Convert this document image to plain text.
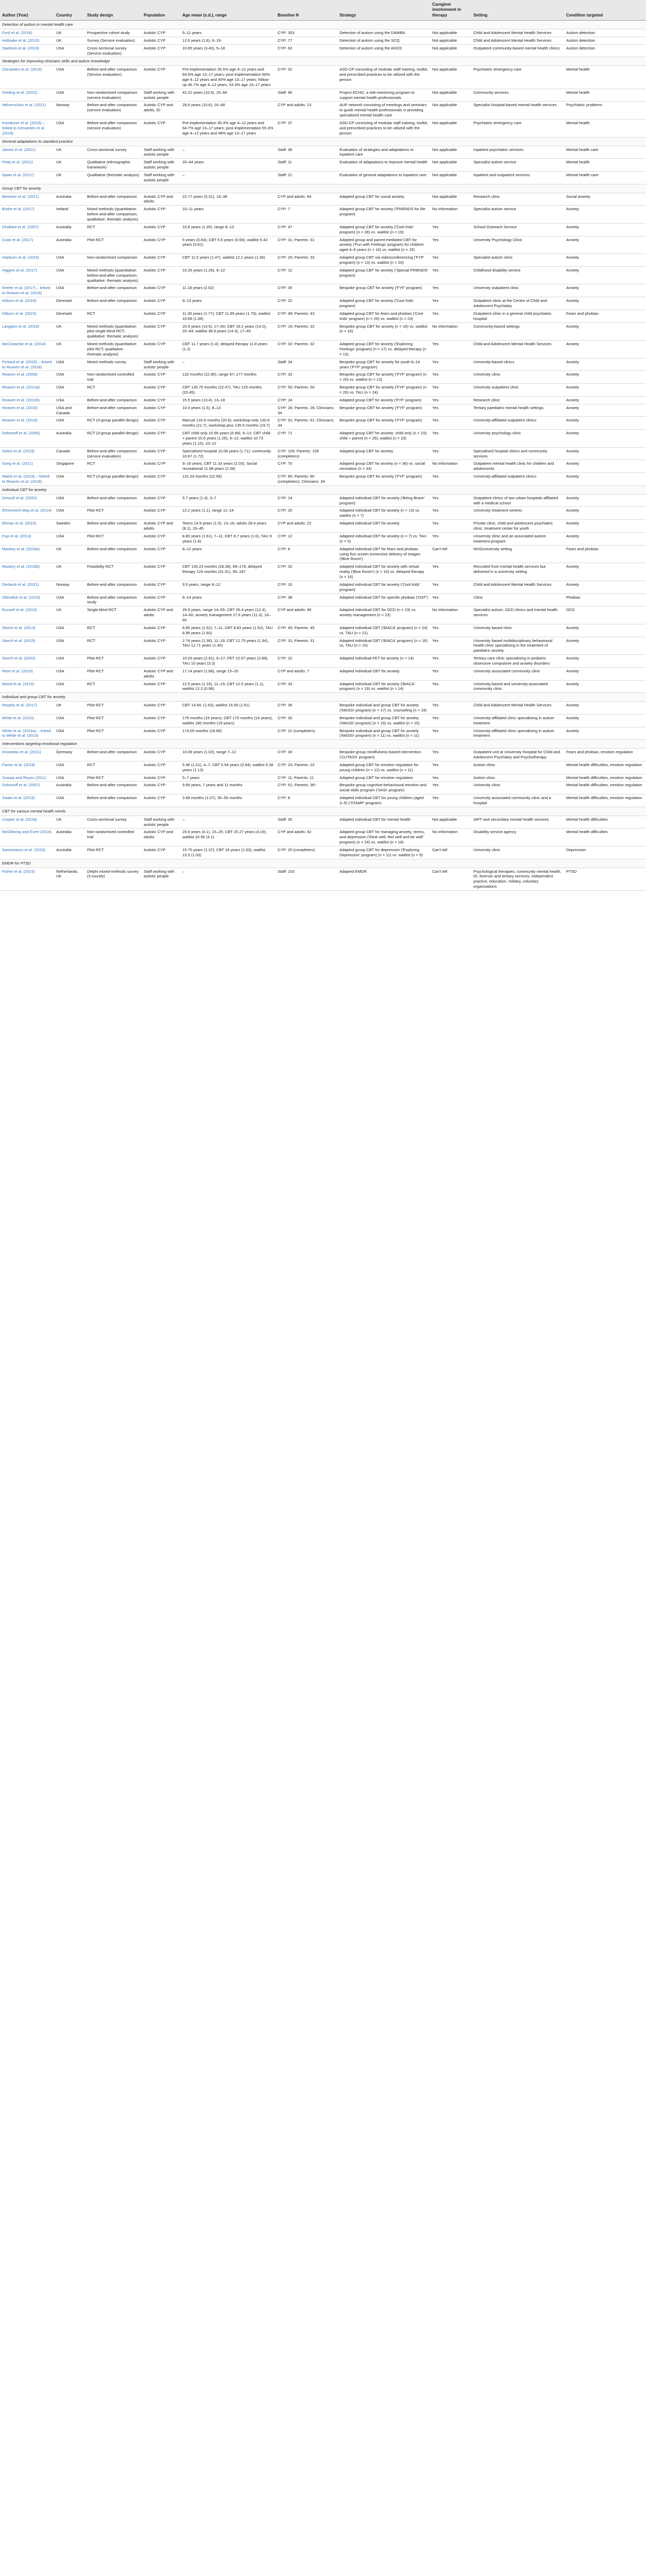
Author (Year)	Country	Study design	Population	Age mean (s.d.), range	Baseline N	Strategy	Caregiver involvement in therapy	Setting	Condition targeted
Detection of autism in mental health care									
Ford et al. (2018)	UK	Prospective cohort study	Autistic CYP	5–11 years	CYP: 353	Detection of autism using the DAWBA	Not applicable	Child and Adolescent Mental Health Services	Autism detection
Holloake et al. (2015)	UK	Survey (Service evaluation)	Autistic CYP	12.6 years (1.6), 6–19	CYP: 77	Detection of autism using the SCQ	Not applicable	Child and Adolescent Mental Health Services	Autism detection
Stadnick et al. (2019)	USA	Cross-sectional survey (Service evaluation)	Autistic CYP	10.65 years (3.40), 5–18	CYP: 62	Detection of autism using the ADOS	Not applicable	Outpatient community-based mental health clinics	Autism detection
Strategies for improving clinicians skills and autism knowledge									
Cervantes et al. (2019)	USA	Before-and-after comparison (Service evaluation)	Autistic CYP	Pre-implementation 35.5% age 4–12 years and 64.5% age 13–17 years; post-implementation 60% age 4–12 years and 40% age 13–17 years; follow-up 46.7% age 4–12 years, 53.3% age 13–17 years	CYP: 52	ASD-CP consisting of modular staff training, toolkit, and prescribed practices to be utilized with the person	Not applicable	Psychiatric emergency care	Mental health
Dreiling et al. (2022)	USA	Non-randomised comparison (service evaluation)	Staff working with autistic people	42.22 years (10.6), 25–66	Staff: 96	Project ECHO, a tele-mentoring program to support mental health professionals	Not applicable	Community services	Mental health
Helverschou et al. (2021)	Norway	Before-and-after comparison (service evaluation)	Autistic CYP and adults, ID	28.6 years (10.6), 16–68	CYP and adults: 13	AUP network consisting of meetings and seminars to guide mental health professionals in providing specialized mental health care	Not applicable	Specialist hospital-based mental health services	Psychiatric problems
Kuriakose et al. (2018) – linked to Cervantes et al. (2019)	USA	Before-and-after comparison (service evaluation)	Autistic CYP	Pre-implementation 35.3% age 4–12 years and 64.7% age 13–17 years; post-implementation 55.3% age 4–12 years and 48% age 13–17 years	CYP: 37	ASD-CP consisting of modular staff training, toolkit, and prescribed practices to be utilized with the person	Not applicable	Psychiatric emergency care	Mental health
General adaptations to standard practice									
James et al. (2021)	UK	Cross-sectional survey	Staff working with autistic people	–	Staff: 38	Evaluation of strategies and adaptations to inpatient care	Not applicable	Inpatient psychiatric services	Mental health care
Petty et al. (2021)	UK	Qualitative (ethnographic framework)	Staff working with autistic people	20–44 years	Staff: 11	Evaluation of adaptations to improve mental health	Not applicable	Specialist autism service	Mental health
Spain et al. (2017)	UK	Qualitative (thematic analysis)	Staff working with autistic people	–	Staff: 21	Evaluation of general adaptations to inpatient care	Not applicable	Inpatient and outpatient services	Mental health care
Group CBT for anxiety									
Bemmer et al. (2021)	Australia	Before-and-after comparison	Autistic CYP and adults	22.77 years (5.31), 16–38	CYP and adults: 84	Adapted group CBT for social anxiety	Not applicable	Research clinic	Social anxiety
Burke et al. (2017)	Ireland	Mixed methods (quantitative: before-and-after comparison; qualitative: thematic analysis)	Autistic CYP	10–11 years	CYP: 7	Adapted group CBT for anxiety ('FRIENDS for life' program)	No information	Specialist autism service	Anxiety
Chalfant et al. (2007)	Australia	RCT	Autistic CYP	10.8 years (1.35), range 8–13	CYP: 47	Adapted group CBT for anxiety ('Cool Kids' program) (n = 28) vs. waitlist (n = 19)	Yes	School Outreach Service	Anxiety
Cook et al. (2017)	Australia	Pilot RCT	Autistic CYP	5 years (0.63); CBT 5.5 years (0.66), waitlist 5.42 years (0.61)	CYP: 31; Parents: 31	Adapted group and parent-mediated CBT for anxiety ('Fun with Feelings' program) for children aged 4–6 years (n = 16) vs. waitlist (n = 15)	Yes	University Psychology Clinic	Anxiety
Hepburn et al. (2016)	USA	Non-randomised comparison	Autistic CYP	CBT 11.5 years (1.47), waitlist 12.1 years (1.36)	CYP: 20; Parents: 33	Adapted group CBT via videoconferencing ('FYF' program) (n = 13) vs. waitlist (n = 20)	Yes	Specialist autism clinic	Anxiety
Higgins et al. (2017)	USA	Mixed methods (quantitative: before-and-after comparison; qualitative: thematic analysis)	Autistic CYP	10.25 years (1.26), 9–12	CYP: 12	Adapted group CBT for anxiety ('Special FRIENDS' program)	Yes	Childhood disability service	Anxiety
Keefer et al. (2017) – linked to Reaven et al. (2018)	USA	Before-and-after comparison	Autistic CYP	11.18 years (2.02)	CYP: 35	Bespoke group CBT for anxiety ('FYF' program)	Yes	University outpatient clinic	Anxiety
Kilburn et al. (2018)	Denmark	Before-and-after comparison	Autistic CYP	9–13 years	CYP: 22	Adapted group CBT for anxiety ('Cool Kids' program)	Yes	Outpatient clinic at the Centre of Child and Adolescent Psychiatry	Anxiety
Kilburn et al. (2023)	Denmark	RCT	Autistic CYP	11.36 years (1.77); CBT 11.99 years (1.79), waitlist 10.68 (1.66)	CYP: 49; Parents: 43	Adapted group CBT for fears and phobias ('Cool Kids' program) (n = 26) vs. waitlist (n = 23)	Yes	Outpatient clinic in a general child psychiatric hospital	Fears and phobias
Langdon et al. (2016)	UK	Mixed methods (quantitative: pilot single-blind RCT; qualitative: thematic analysis)	Autistic CYP	20.9 years (14.5), 17–60; CBT 33.2 years (14.0), 20–64; waitlist 36.9 years (14.3), 17–65	CYP: 19; Parents: 32	Bespoke group CBT for anxiety (n = 16) vs. waitlist (n = 16)	No information	Community-based settings	Anxiety
McConachie et al. (2014)	UK	Mixed methods (quantitative: pilot RCT; qualitative: thematic analysis)	Autistic CYP	CBT 11.7 years (1.4), delayed therapy 11.8 years (1.2)	CYP: 32; Parents: 32	Adapted group CBT for anxiety ('Exploring Feelings' program) (n = 17) vs. delayed therapy (n = 15)	Yes	Child and Adolescent Mental Health Services	Anxiety
Pickard et al. (2020) – linked to Reaven et al. (2018)	USA	Mixed methods survey	Staff working with autistic people	–	Staff: 34	Bespoke group CBT for anxiety for youth 8–14 years ('FYF' program)	Yes	University-based clinics	Anxiety
Reaven et al. (2009)	USA	Non-randomised controlled trial	Autistic CYP	132 months (22.90), range 97–177 months	CYP: 33	Bespoke group CBT for anxiety ('FYF' program) (n = 20) vs. waitlist (n = 13)	Yes	University clinic	Anxiety
Reaven et al. (2012a)	USA	RCT	Autistic CYP	CBT 135.75 months (22.47), TAU 125 months (20.45)	CYP: 50; Parents: 50	Bespoke group CBT for anxiety ('FYF' program) (n = 26) vs. TAU (n = 24)	Yes	University outpatient clinic	Anxiety
Reaven et al. (2012b)	USA	Before-and-after comparison	Autistic CYP	15.5 years (13.4), 13–18	CYP: 24	Adapted group CBT for anxiety ('FYF' program)	Yes	Research clinic	Anxiety
Reaven et al. (2015)	USA and Canada	Before-and-after comparison	Autistic CYP	10.4 years (1.5), 8–13	CYP: 26; Parents: 26; Clinicians: 34	Bespoke group CBT for anxiety ('FYF' program)	Yes	Tertiary paediatric mental health settings	Anxiety
Reaven et al. (2018)	USA	RCT (3-group parallel design)	Autistic CYP	Manual 132.6 months (20.6), workshop-only 130.6 months (21.7), workshop plus 135.5 months (19.7)	CYP: 91; Parents: 91; Clinicians: 34	Bespoke group CBT for anxiety ('FYF' program)	Yes	University-affiliated outpatient clinics	Anxiety
Sofronoff et al. (2005)	Australia	RCT (3-group parallel design)	Autistic CYP	CBT child only 10.56 years (0.99), 9–12; CBT child + parent 10.6 years (1.26), 9–12; waitlist 10.73 years (1.10), 10–12	CYP: 71	Adapted group CBT for anxiety: child only (n = 23); child + parent (n = 25); waitlist (n = 23)	Yes	University psychology clinic	Anxiety
Soltcii et al. (2019)	Canada	Before-and-after comparison (service evaluation)	Autistic CYP	Specialised hospital 10.08 years (1.71); community 10.67 (1.72)	CYP: 105; Parents: 105 (completers)	Adapted group CBT for anxiety	Yes	Specialised hospital clinics and community services	Anxiety
Sung et al. (2011)	Singapore	RCT	Autistic CYP	9–16 years; CBT 11.33 years (2.03), Social recreational 11.98 years (2.38)	CYP: 70	Adapted group CBT for anxiety (n = 36) vs. social recreation (n = 34)	No information	Outpatient mental health clinic for children and adolescents	Anxiety
Walsh et al. (2018) – linked to Reaven et al. (2018)	USA	RCT (3-group parallel design)	Autistic CYP	131.03 months (22.59)	CYP: 80; Parents: 80 (completers); Clinicians: 34	Bespoke group CBT for anxiety ('FYF' program)	Yes	University-affiliated outpatient clinics	Anxiety
Individual CBT for anxiety									
Driscoll et al. (2020)	USA	Before-and-after comparison	Autistic CYP	5.7 years (1.4), 3–7	CYP: 14	Adapted individual CBT for anxiety ('Being Brave' program)	Yes	Outpatient clinics of two urban hospitals affiliated with a medical school	Anxiety
Ehrenreich-May et al. (2014)	USA	Pilot RCT	Autistic CYP	12.2 years (1.1), range 11–14	CYP: 20	Adapted individual CBT for anxiety (n = 13) vs. waitlist (n = 7)	Yes	University treatment centres	Anxiety
Ekman et al. (2015)	Sweden	Before-and-after comparison	Autistic CYP and adults	Teens 14.9 years (1.5), 13–16; adults 28.4 years (8.1), 19–45	CYP and adults: 22	Adapted individual CBT for anxiety	Yes	Private clinic, child and adolescent psychiatric clinic, treatment center for youth	Anxiety
Fujii et al. (2013)	USA	Pilot RCT	Autistic CYP	8.80 years (1.61), 7–11; CBT 8.7 years (1.6), TAU 9 years (1.8)	CYP: 12	Adapted individual CBT for anxiety (n = 7) vs. TAU (n = 5)	Yes	University clinic and an associated autism treatment program	Anxiety
Maskey et al. (2019a)	UK	Before-and-after comparison	Autistic CYP	8–12 years	CYP: 8	Adapted individual CBT for fears and phobias using five screen immersive delivery of images ('Blue Room')	Can't tell	NHS/university setting	Fears and phobias
Maskey et al. (2019b)	UK	Feasibility RCT	Autistic CYP	CBT 130.23 months (28.38), 89–176; delayed therapy 129 months (31.51), 90–187	CYP: 32	Adapted individual CBT for anxiety with virtual reality ('Blue Room') (n = 16) vs. delayed therapy (n = 16)	Yes	Recruited from mental health services but delivered in a university setting	Anxiety
Oerbeck et al. (2021)	Norway	Before-and-after comparison	Autistic CYP	9.5 years, range 8–12	CYP: 10	Adapted individual CBT for anxiety ('Cool Kids' program)	Yes	Child and Adolescent Mental Health Services	Anxiety
Ollendick et al. (2015)	USA	Before-and-after comparison study	Autistic CYP	6–14 years	CYP: 38	Adapted individual CBT for specific phobias ('OST')	Yes	Clinic	Phobias
Russell et al. (2013)	UK	Single-blind RCT	Autistic CYP and adults	26.9 years, range 14–65; CBT 26.4 years (12.4), 14–60, anxiety management 27.6 years (11.3), 16–65	CYP and adults: 46	Adapted individual CBT for OCD (n = 23) vs. anxiety management (n = 23)	No information	Specialist autism, OCD clinics and mental health services	OCD
Storch et al. (2013)	USA	RCT	Autistic CYP	8.85 years (1.52), 7–11; CBT 8.83 years (1.52), TAU 8.95 years (1.60)	CYP: 45; Parents: 45	Adapted individual CBT ('BIACA' program) (n = 24) vs. TAU (n = 21)	Yes	University based clinic	Anxiety
Storch et al. (2015)	USA	RCT	Autistic CYP	2.74 years (1.36), 11–16; CBT 12.75 years (1.34), TAU 12.71 years (1.40)	CYP: 31; Parents: 31	Adapted individual CBT ('BIACA' program) (n = 16) vs. TAU (n = 15)	Yes	University based multidisciplinary behavioural health clinic specialising in the treatment of paediatric anxiety	Anxiety
Storch et al. (2020)	USA	Pilot RCT	Autistic CYP	10.03 years (2.91), 6–17; FET 10.07 years (2.89), TAU 10 years (3.3)	CYP: 22	Adapted individual FET for anxiety (n = 14)	Yes	Tertiary care clinic specialising in pediatric obsessive compulsive and anxiety disorders	Anxiety
Wise et al. (2019)	USA	Pilot RCT	Autistic CYP and adults	17.14 years (1.68), range 15–20	CYP and adults: 7	Adapted individual CBT for anxiety	Yes	University associated community clinic	Anxiety
Wood et al. (2015)	USA	RCT	Autistic CYP	12.5 years (1.16), 11–15; CBT 12.5 years (1.1), waitlist 12.2 (0.98)	CYP: 33	Adapted individual CBT for anxiety ('BIACA' program) (n = 19) vs. waitlist (n = 14)	Yes	University-based and university-associated community clinic	Anxiety
Individual and group CBT for anxiety									
Murphy et al. (2017)	UK	Pilot RCT	Autistic CYP	CBT 14.94, (1.63), waitlist 15.56 (1.51)	CYP: 36	Bespoke individual and group CBT for anxiety ('MASSI' program) (n = 17) vs. counseling (n = 19)	Yes	Child and Adolescent Mental Health Services	Anxiety
White et al. (2013)	USA	Pilot RCT	Autistic CYP	175 months (19 years); CBT 170 months (14 years), waitlist 180 months (19 years)	CYP: 30	Bespoke individual and group CBT for anxiety ('MASSI' program) (n = 15) vs. waitlist (n = 15)	Yes	University-affiliated clinic specialising in autism treatment	Anxiety
White et al. (2015a) – linked to White et al. (2013)	USA	Pilot RCT	Autistic CYP	174.05 months (18.68)	CYP: 22 (completers)	Bespoke individual and group CBT for anxiety ('MASSI' program) (n = 11) vs. waitlist (n = 11)	Yes	University-affiliated clinic specialising in autism treatment	Anxiety
Interventions targeting emotional regulation									
Drüsedau et al. (2021)	Germany	Before-and-after comparison	Autistic CYP	10.08 years (1.02), range 7–12	CYP: 30	Bespoke group mindfulness-based intervention ('CUTASS' program)	Yes	Outpatient unit at University Hospital for Child and Adolescent Psychiatry and Psychotherapy	Fears and phobias, emotion regulation
Factor et al. (2019)	USA	RCT	Autistic CYP	5.46 (1.01), 4–7; CBT 5.54 years (0.94), waitlist 5.38 years (1.13)	CYP: 23; Parents: 23	Adapted group CBT for emotion regulation for young children (n = 12) vs. waitlist (n = 11)	Yes	Autism clinic	Mental health difficulties, emotion regulation
Scarpa and Reyes (2011)	USA	Pilot RCT	Autistic CYP	5–7 years	CYP: 11; Parents: 11	Adapted group CBT for emotion regulation	Yes	Autism clinic	Mental health difficulties, emotion regulation
Sofronoff et al. (2007)	Australia	Before-and-after comparison	Autistic CYP	9.66 years, 7 years and 11 months	CYP: 61; Parents: 36*	Bespoke group cognitive-behavioural emotion and social skills program ('SASI' program)	Yes	University clinic	Mental health difficulties, emotion regulation
Swain et al. (2019)	USA	Before-and-after comparison	Autistic CYP	3.69 months (1.07), 30–56 months	CYP: 8	Adapted individual CBT for young children (aged 3–5) ('STAMP' program)	Yes	University associated community clinic and a hospital	Mental health difficulties, emotion regulation
CBT for various mental health needs									
Cooper et al. (2018)	UK	Cross-sectional survey	Staff working with autistic people	–	Staff: 30	Adapted individual CBT for mental health	Not applicable	IAPT and secondary mental health services	Mental health difficulties
McGillivray and Evert (2014)	Australia	Non-randomised controlled trial	Autistic CYP and adults	20.6 years (4.1), 15–25; CBT 20.27 years (4.19), waitlist 20.56 (4.1)	CYP and adults: 42	Adapted group CBT for managing anxiety, stress, and depression ('think well, feel well and be well' program) (n = 24) vs. waitlist (n = 18)	No information	Disability service agency	Mental health difficulties
Santomauro et al. (2016)	Australia	Pilot RCT	Autistic CYP	15.75 years (1.37); CBT 16 years (1.63), waitlist 15.5 (1.03)	CYP: 20 (completers)	Adapted group CBT for depression ('Exploring Depression' program) (n = 11) vs. waitlist (n = 9)	Can't tell	University clinic	Depression
EMDR for PTSD									
Fisher et al. (2023)	Netherlands, UK	Delphi mixed-methods survey (3 rounds)	Staff working with autistic people	–	Staff: 103	Adapted EMDR	Can't tell	Psychological therapies, community mental health, ID, forensic and tertiary services, independent practice, education, military, voluntary organisations	PTSD
